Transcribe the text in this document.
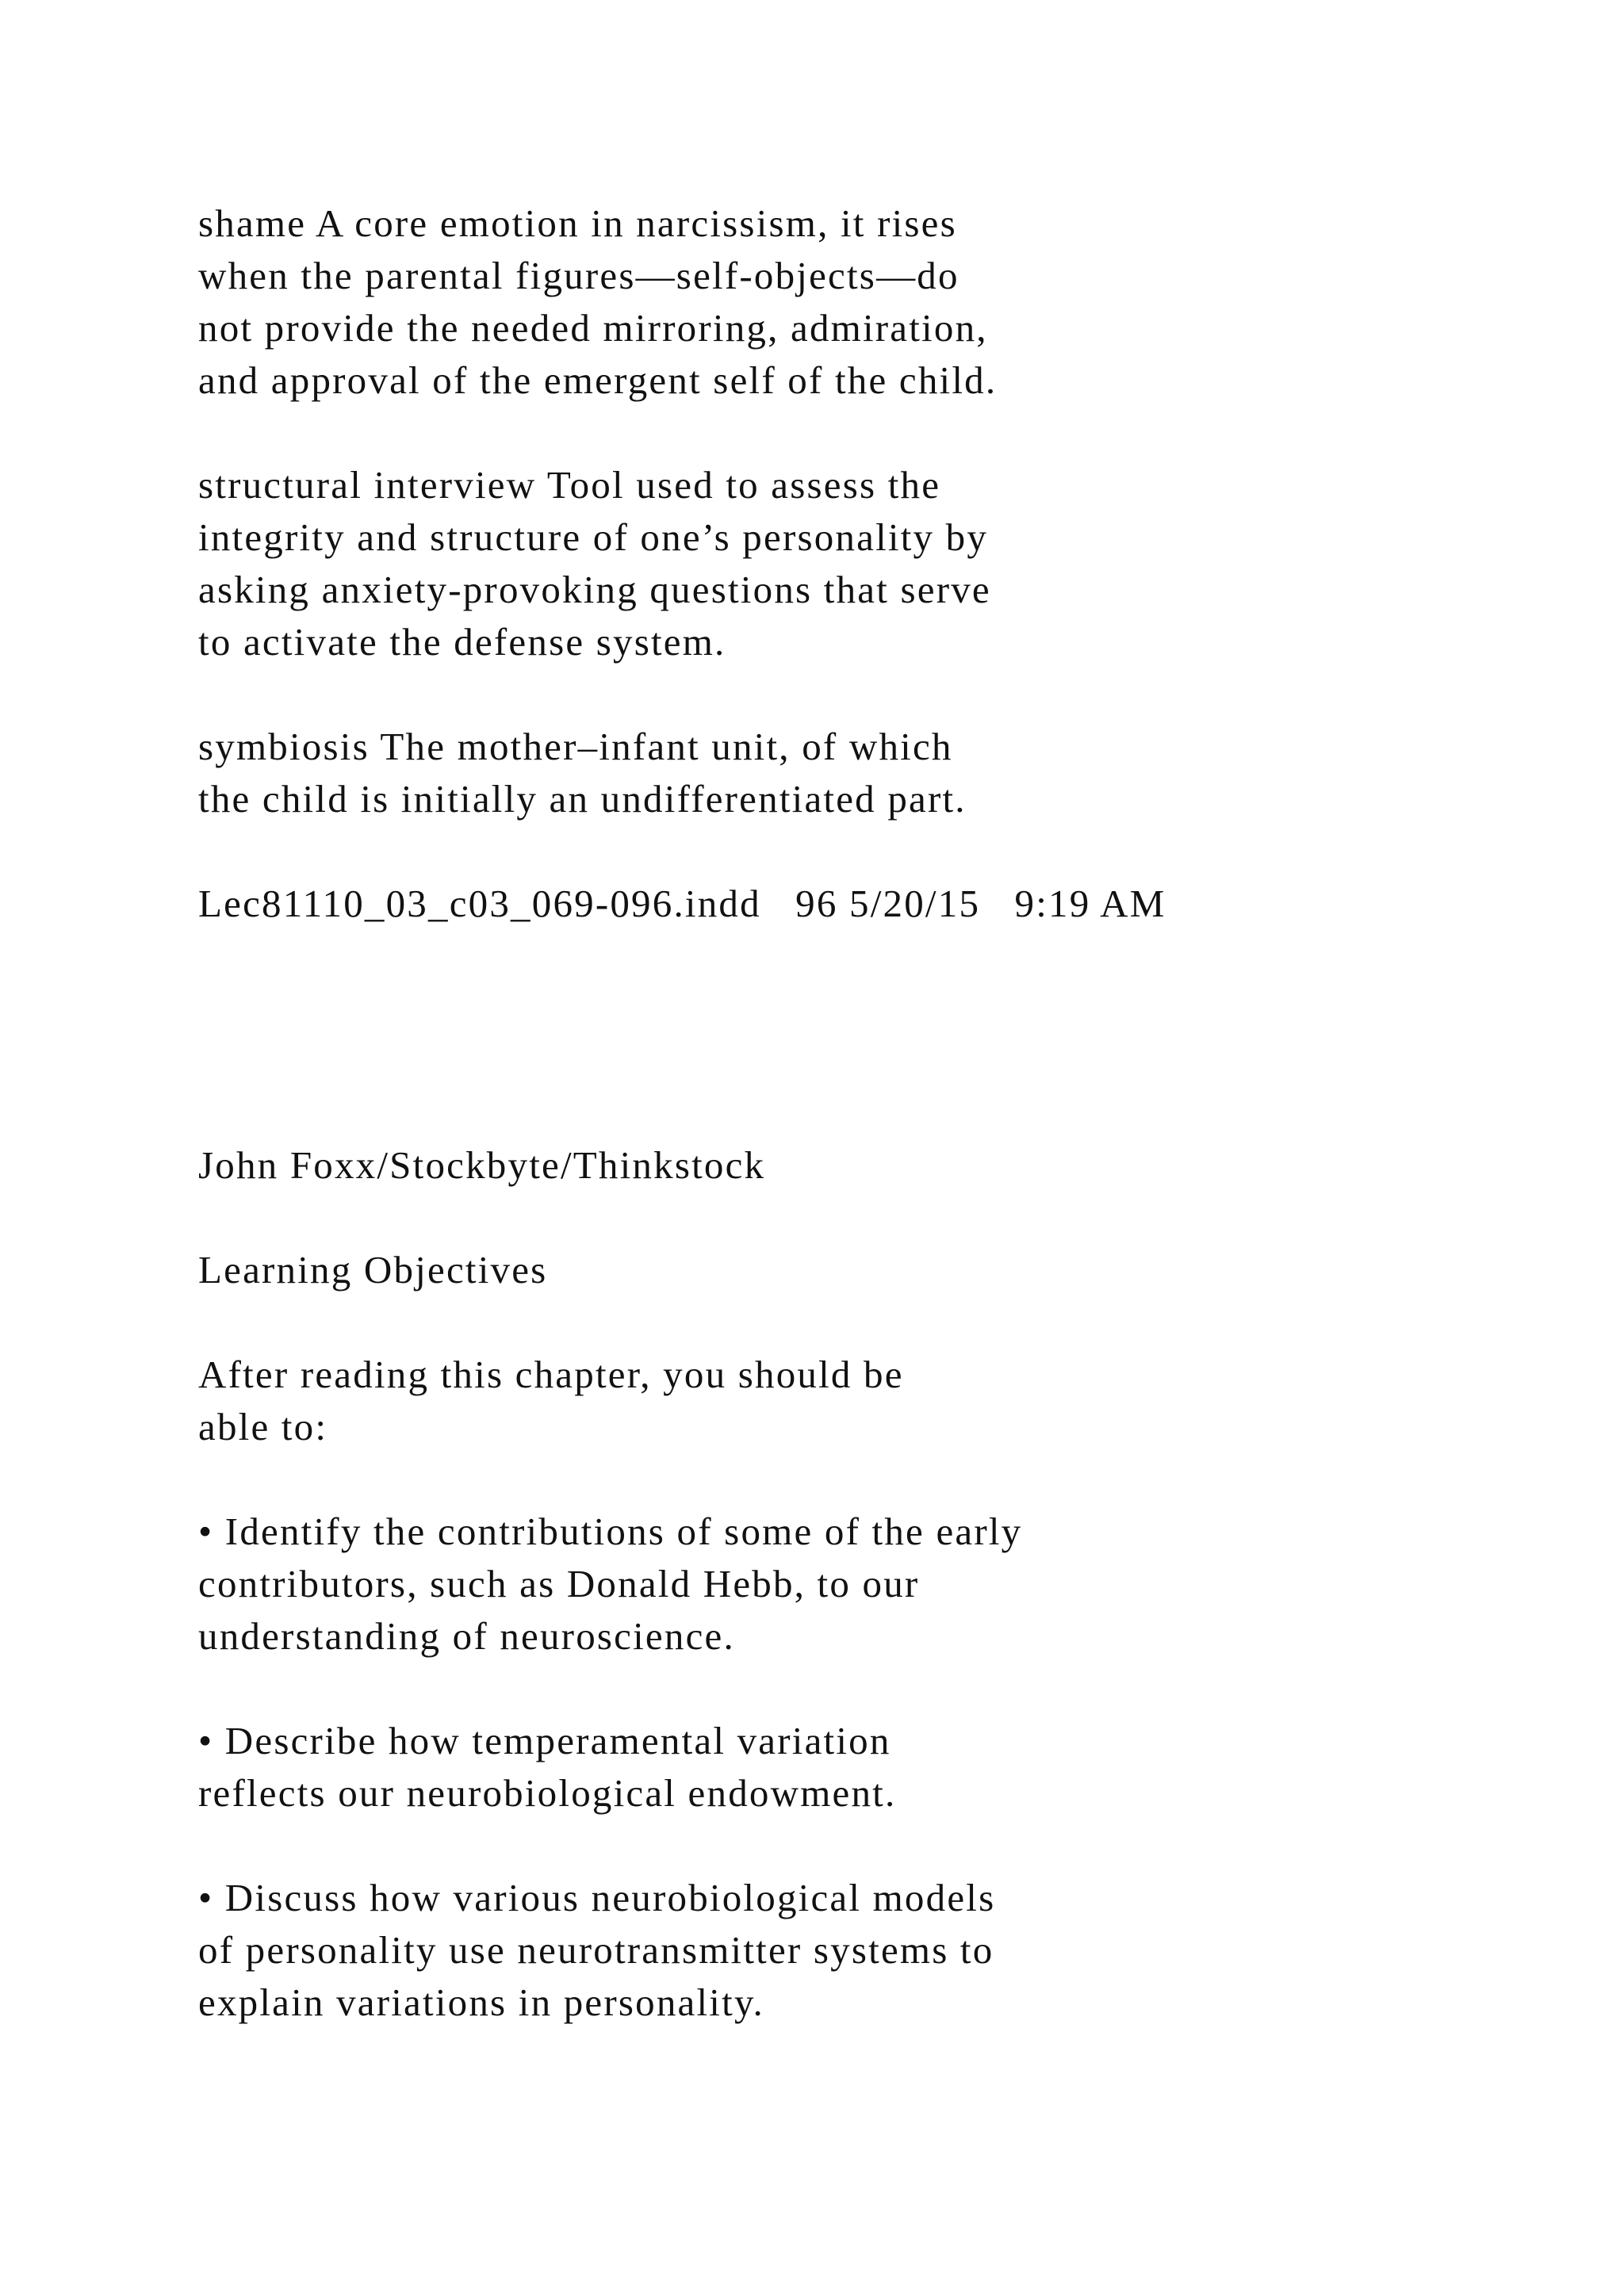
shame A core emotion in narcissism, it rises

when the parental figures—self-objects—do

not provide the needed mirroring, admiration,

and approval of the emergent self of the child.

structural interview Tool used to assess the

integrity and structure of one’s personality by

asking anxiety-provoking questions that serve

to activate the defense system.

symbiosis The mother–infant unit, of which

the child is initially an undifferentiated part.

Lec81110_03_c03_069-096.indd   96 5/20/15   9:19 AM

John Foxx/Stockbyte/Thinkstock

Learning Objectives

After reading this chapter, you should be

able to:

• Identify the contributions of some of the early

contributors, such as Donald Hebb, to our

understanding of neuroscience.

• Describe how temperamental variation

reflects our neurobiological endowment.

• Discuss how various neurobiological models

of personality use neurotransmitter systems to

explain variations in personality.
